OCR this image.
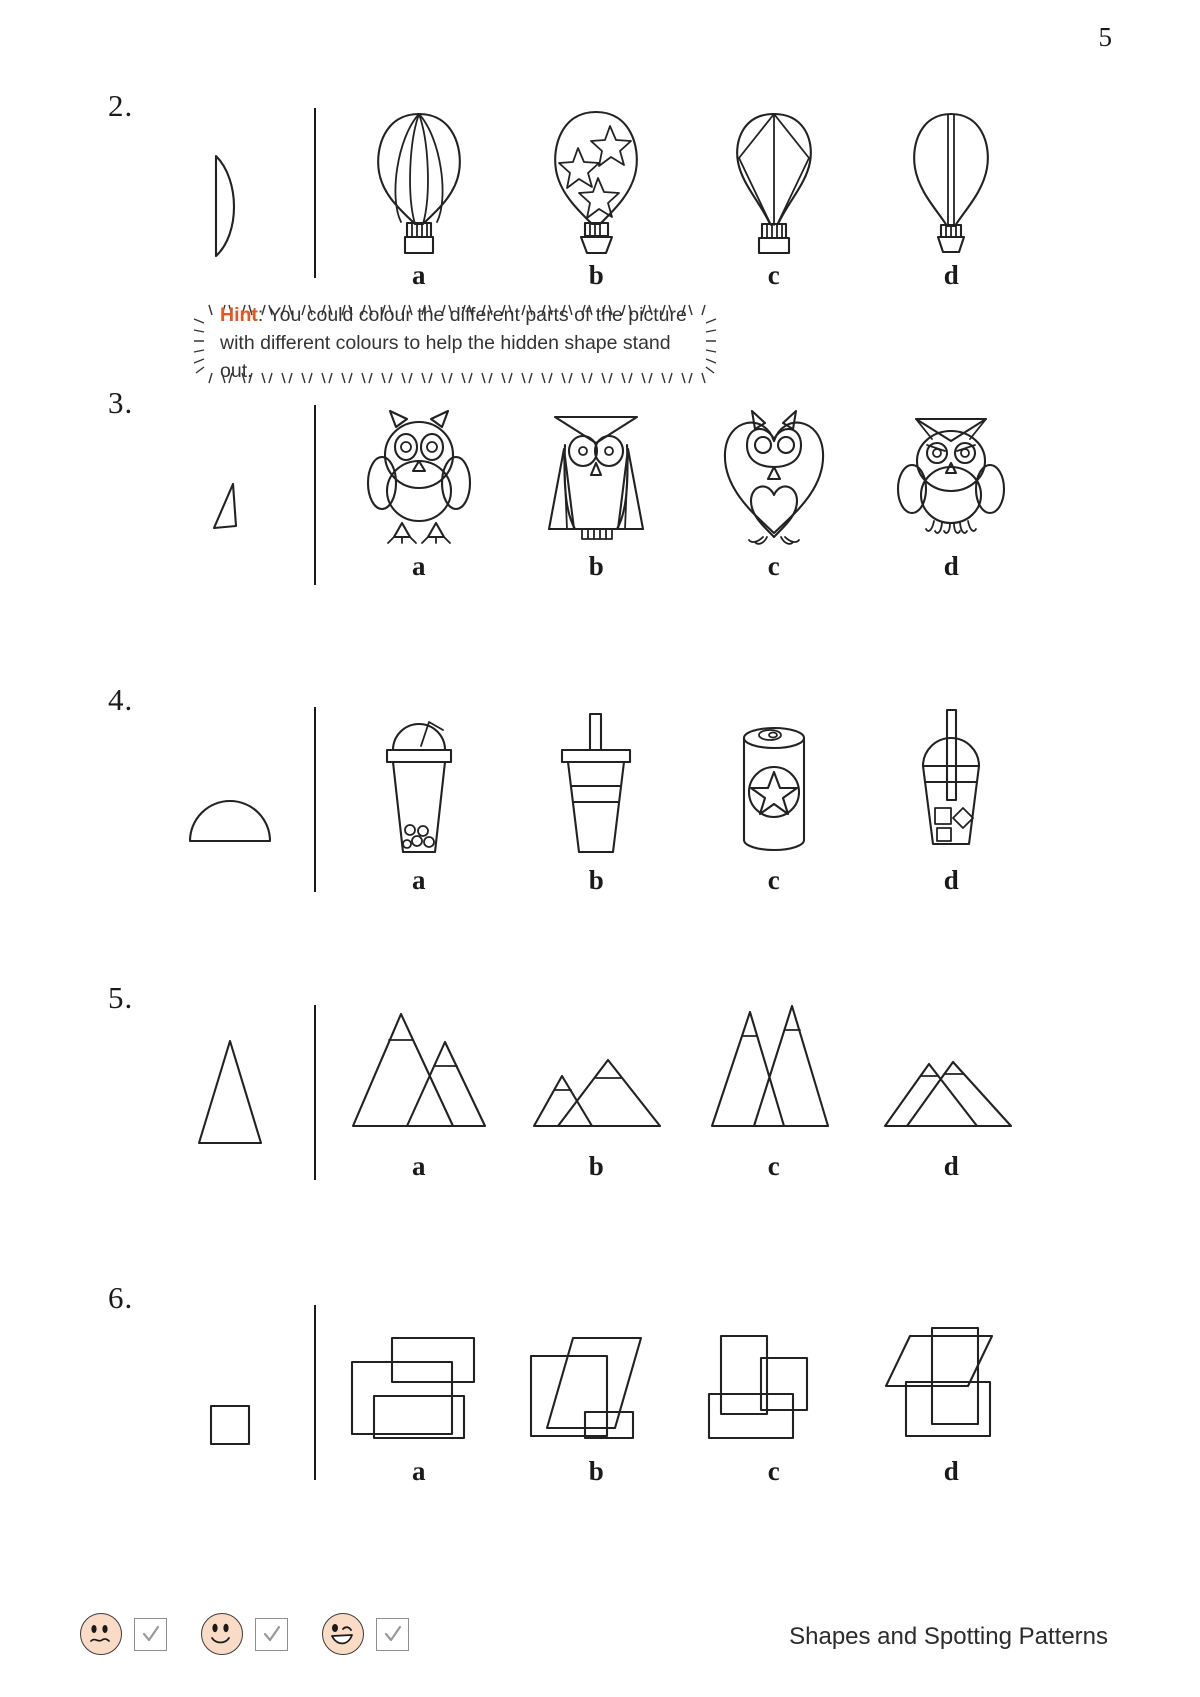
5
2.
a	b	c	d
Hint: You could colour the different parts of the picture with different colours to help the hidden shape stand out.
3.
a	b	c	d
4.
a	b	c	d
5.
a	b	c	d
6.
a	b	c	d
Shapes and Spotting Patterns
